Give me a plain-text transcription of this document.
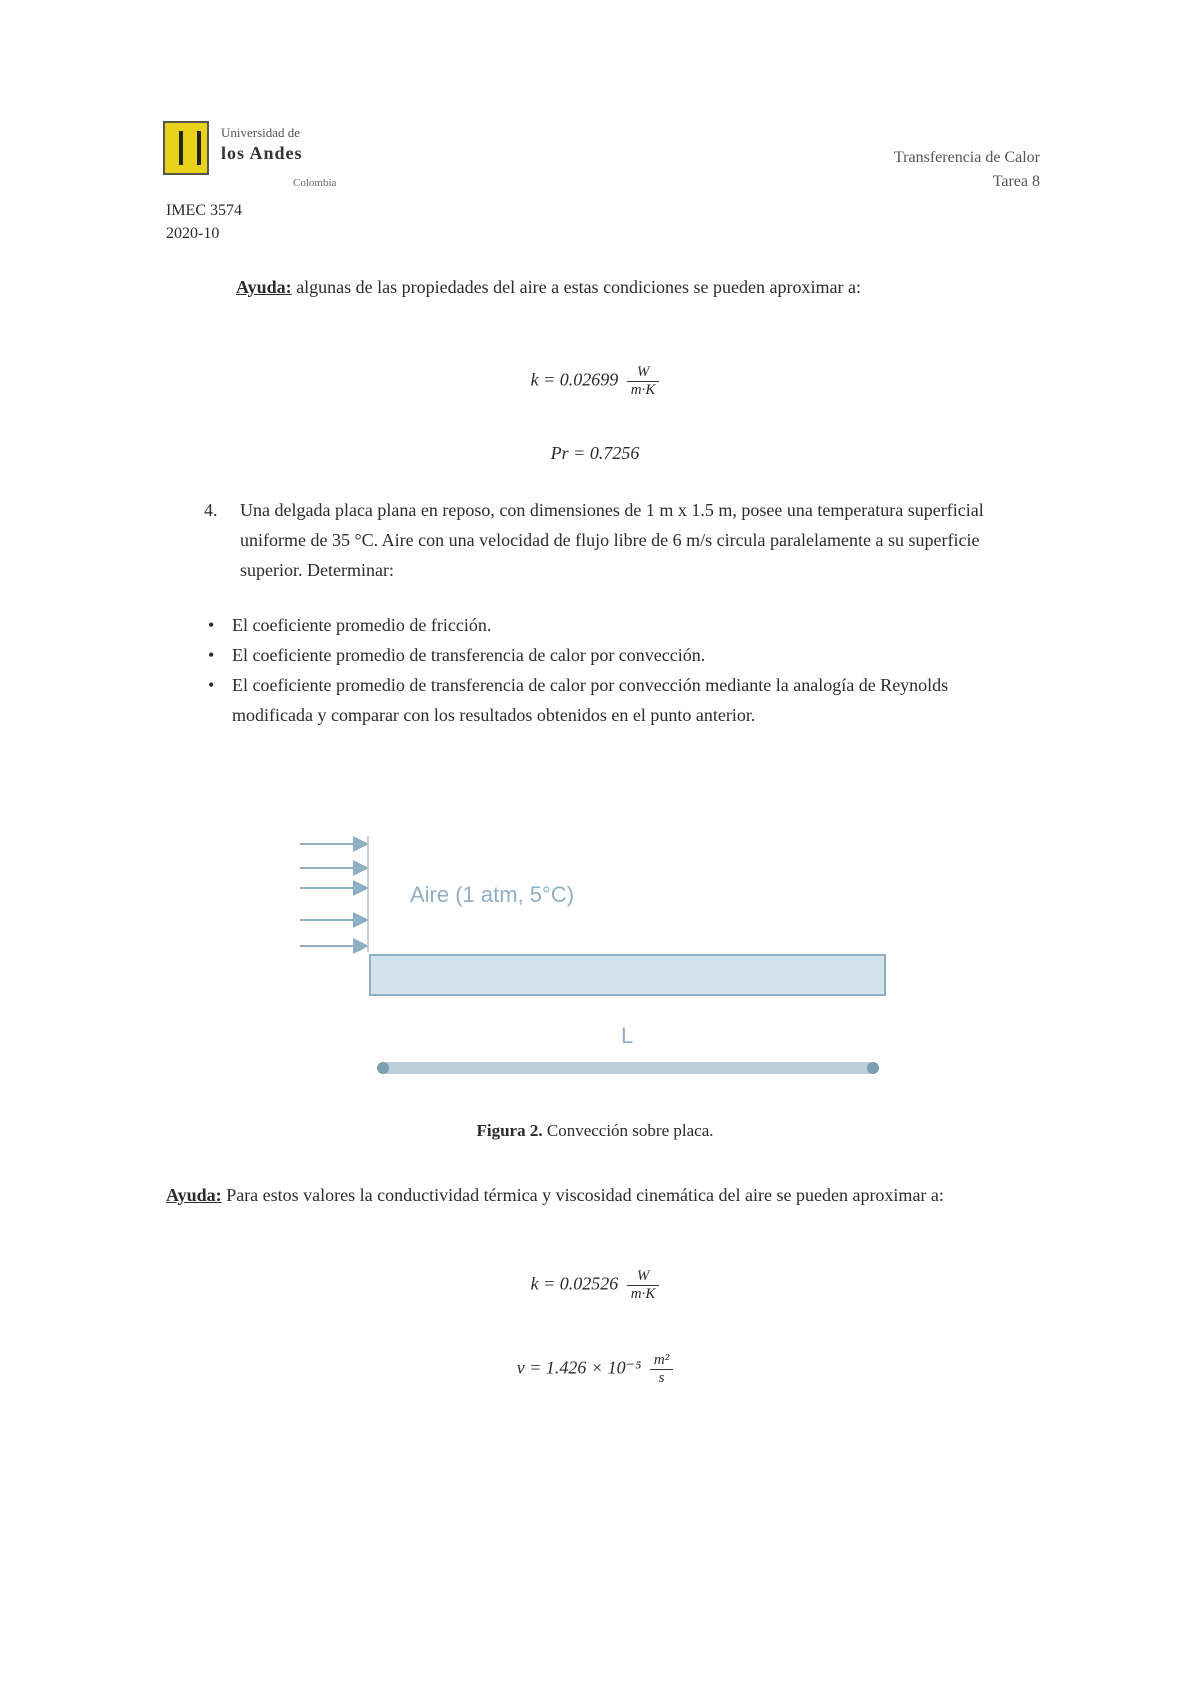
Universidad de
los Andes
Colombia
IMEC 3574
2020-10
Transferencia de Calor
Tarea 8
Ayuda: algunas de las propiedades del aire a estas condiciones se pueden aproximar a:
$k = 0.02699 \frac{W}{m\cdot K}$
Pr = 0.7256
4.	Una delgada placa plana en reposo, con dimensiones de 1 m x 1.5 m, posee una temperatura superficial uniforme de 35 °C. Aire con una velocidad de flujo libre de 6 m/s circula paralelamente a su superficie superior. Determinar:
• El coeficiente promedio de fricción.
• El coeficiente promedio de transferencia de calor por convección.
• El coeficiente promedio de transferencia de calor por convección mediante la analogía de Reynolds modificada y comparar con los resultados obtenidos en el punto anterior.
Aire (1 atm, 5°C)
L
Figura 2. Convección sobre placa.
Ayuda: Para estos valores la conductividad térmica y viscosidad cinemática del aire se pueden aproximar a:
$k = 0.02526 \frac{W}{m\cdot K}$
$\nu = 1.426 \times 10^{-5} \frac{\text{m²}}{s}$
